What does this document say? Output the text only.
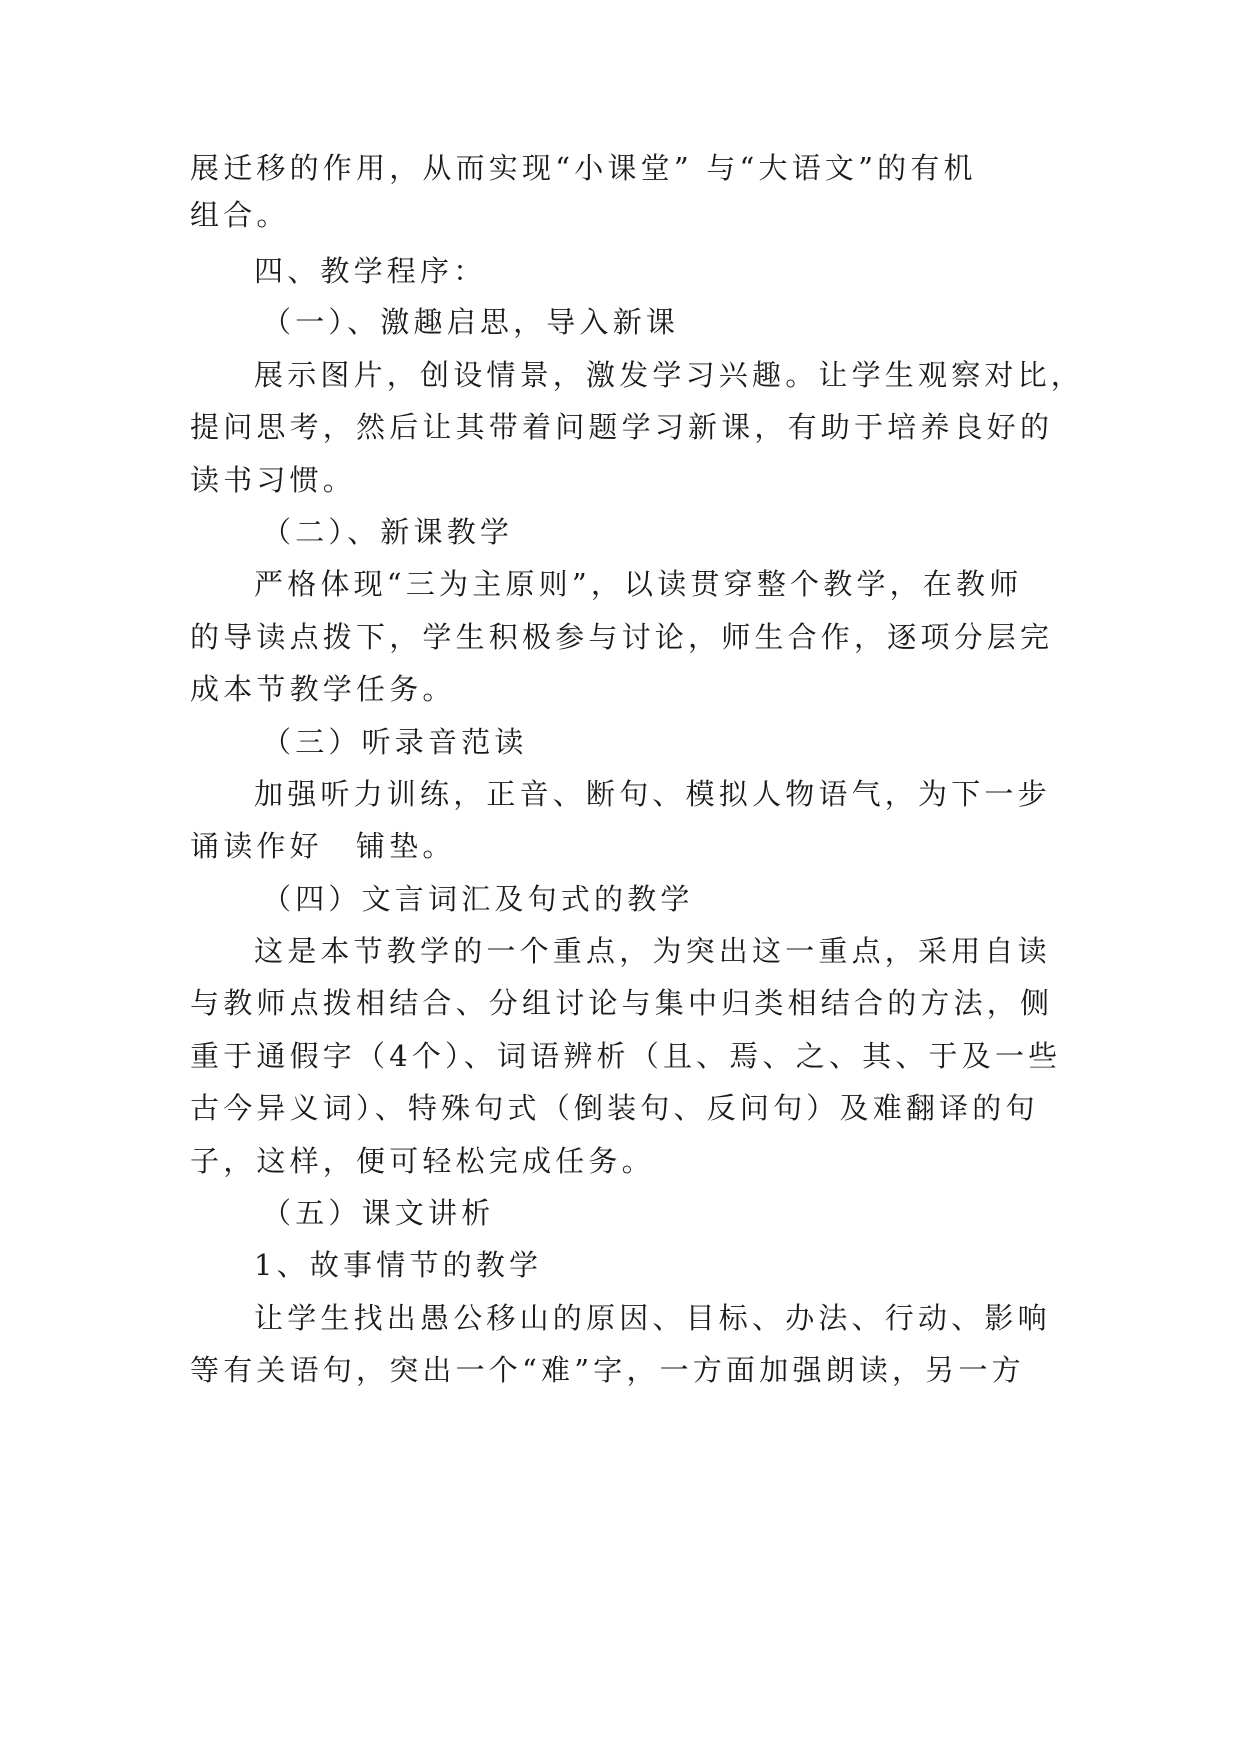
展迁移的作用，从而实现“小课堂” 与“大语文”的有机
组合。
四、教学程序：
（一）、激趣启思，导入新课
展示图片，创设情景，激发学习兴趣。让学生观察对比，
提问思考，然后让其带着问题学习新课，有助于培养良好的
读书习惯。
（二）、新课教学
严格体现“三为主原则”，以读贯穿整个教学，在教师
的导读点拨下，学生积极参与讨论，师生合作，逐项分层完
成本节教学任务。
（三）听录音范读
加强听力训练，正音、断句、模拟人物语气，为下一步
诵读作好　铺垫。
（四）文言词汇及句式的教学
这是本节教学的一个重点，为突出这一重点，采用自读
与教师点拨相结合、分组讨论与集中归类相结合的方法，侧
重于通假字（4个）、词语辨析（且、焉、之、其、于及一些
古今异义词）、特殊句式（倒装句、反问句）及难翻译的句
子，这样，便可轻松完成任务。
（五）课文讲析
1、故事情节的教学
让学生找出愚公移山的原因、目标、办法、行动、影响
等有关语句，突出一个“难”字，一方面加强朗读，另一方
